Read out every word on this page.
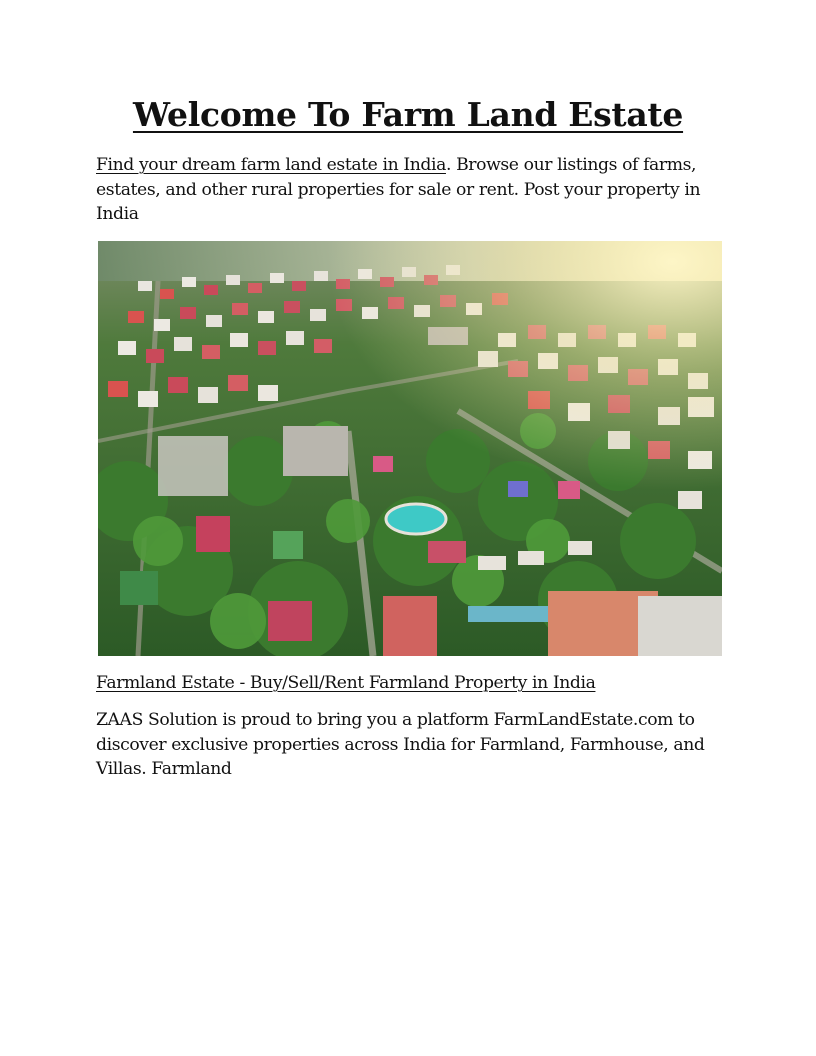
Welcome To Farm Land Estate

Find your dream farm land estate in India. Browse our listings of farms, estates, and other rural properties for sale or rent. Post your property in India

Farmland Estate - Buy/Sell/Rent Farmland Property in India

ZAAS Solution is proud to bring you a platform FarmLandEstate.com to discover exclusive properties across India for Farmland, Farmhouse, and Villas. Farmland
